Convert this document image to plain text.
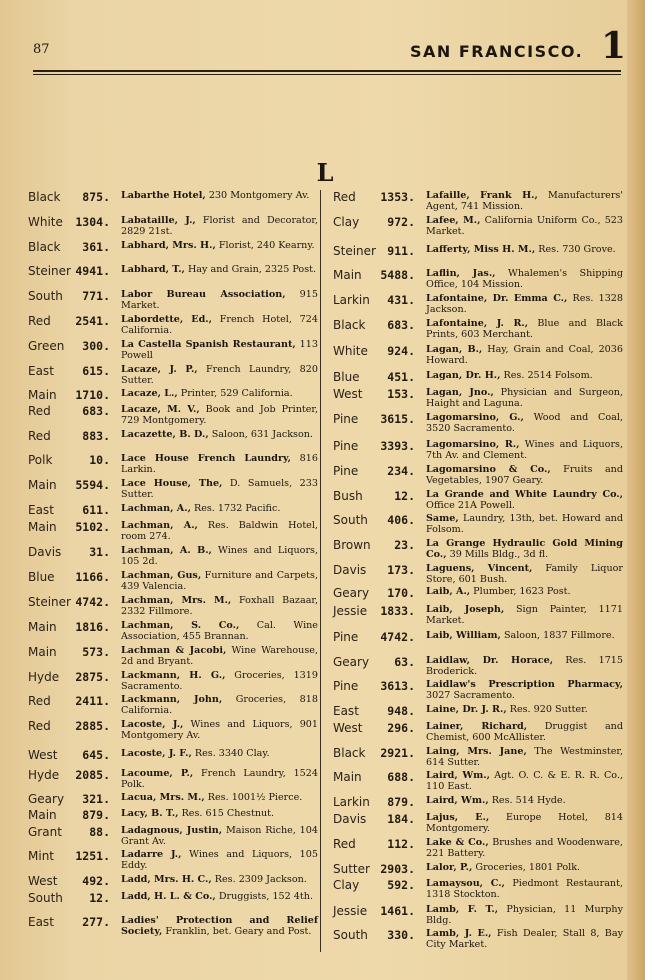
87	SAN FRANCISCO. 1
L
Black	875. Labarthe Hotel, 230 Montgomery Av.
White	1304. Labataille, J., Florist and Decorator, 2829 21st.
Black	361. Labhard, Mrs. H., Florist, 240 Kearny.
Steiner 4941. Labhard, T., Hay and Grain, 2325 Post.
South	771. Labor Bureau Association, 915 Market.
Red	2541. Labordette, Ed., French Hotel, 724 California.
Green	300. La Castella Spanish Restaurant, 113 Powell
East	615. Lacaze, J. P., French Laundry, 820 Sutter.
Main	1710. Lacaze, L., Printer, 529 California.
Red	683. Lacaze, M. V., Book and Job Printer, 729 Montgomery.
Red	883. Lacazette, B. D., Saloon, 631 Jackson.
Polk	10. Lace House French Laundry, 816 Larkin.
Main	5594. Lace House, The, D. Samuels, 233 Sutter.
East	611. Lachman, A., Res. 1732 Pacific.
Main	5102. Lachman, A., Res. Baldwin Hotel, room 274.
Davis	31. Lachman, A. B., Wines and Liquors, 105 2d.
Blue	1166. Lachman, Gus, Furniture and Carpets, 439 Valencia.
Steiner 4742. Lachman, Mrs. M., Foxhall Bazaar, 2332 Fillmore.
Main	1816. Lachman, S. Co., Cal. Wine Association, 455 Brannan.
Main	573. Lachman & Jacobi, Wine Warehouse, 2d and Bryant.
Hyde	2875. Lackmann, H. G., Groceries, 1319 Sacramento.
Red	2411. Lackmann, John, Groceries, 818 California.
Red	2885. Lacoste, J., Wines and Liquors, 901 Montgomery Av.
West	645. Lacoste, J. F., Res. 3340 Clay.
Hyde	2085. Lacoume, P., French Laundry, 1524 Polk.
Geary	321. Lacua, Mrs. M., Res. 1001½ Pierce.
Main	879. Lacy, B. T., Res. 615 Chestnut.
Grant	88. Ladagnous, Justin, Maison Riche, 104 Grant Av.
Mint	1251. Ladarre J., Wines and Liquors, 105 Eddy.
West	492. Ladd, Mrs. H. C., Res. 2309 Jackson.
South	12. Ladd, H. L. & Co., Druggists, 152 4th.
East	277. Ladies' Protection and Relief Society, Franklin, bet. Geary and Post.
Red	1353. Lafaille, Frank H., Manufacturers' Agent, 741 Mission.
Clay	972. Lafee, M., California Uniform Co., 523 Market.
Steiner 911. Lafferty, Miss H. M., Res. 730 Grove.
Main	5488. Laflin, Jas., Whalemen's Shipping Office, 104 Mission.
Larkin	431. Lafontaine, Dr. Emma C., Res. 1328 Jackson.
Black	683. Lafontaine, J. R., Blue and Black Prints, 603 Merchant.
White	924. Lagan, B., Hay, Grain and Coal, 2036 Howard.
Blue	451. Lagan, Dr. H., Res. 2514 Folsom.
West	153. Lagan, Jno., Physician and Surgeon, Haight and Laguna.
Pine	3615. Lagomarsino, G., Wood and Coal, 3520 Sacramento.
Pine	3393. Lagomarsino, R., Wines and Liquors, 7th Av. and Clement.
Pine	234. Lagomarsino & Co., Fruits and Vegetables, 1907 Geary.
Bush	12. La Grande and White Laundry Co., Office 21A Powell.
South	406. Same, Laundry, 13th, bet. Howard and Folsom.
Brown	23. La Grange Hydraulic Gold Mining Co., 39 Mills Bldg., 3d fl.
Davis	173. Laguens, Vincent, Family Liquor Store, 601 Bush.
Geary	170. Laib, A., Plumber, 1623 Post.
Jessie	1833. Laib, Joseph, Sign Painter, 1171 Market.
Pine	4742. Laib, William, Saloon, 1837 Fillmore.
Geary	63. Laidlaw, Dr. Horace, Res. 1715 Broderick.
Pine	3613. Laidlaw's Prescription Pharmacy, 3027 Sacramento.
East	948. Laine, Dr. J. R., Res. 920 Sutter.
West	296. Lainer, Richard, Druggist and Chemist, 600 McAllister.
Black	2921. Laing, Mrs. Jane, The Westminster, 614 Sutter.
Main	688. Laird, Wm., Agt. O. C. & E. R. R. Co., 110 East.
Larkin	879. Laird, Wm., Res. 514 Hyde.
Davis	184. Lajus, E., Europe Hotel, 814 Montgomery.
Red	112. Lake & Co., Brushes and Woodenware, 221 Battery.
Sutter 2903. Lalor, P., Groceries, 1801 Polk.
Clay	592. Lamaysou, C., Piedmont Restaurant, 1318 Stockton.
Jessie	1461. Lamb, F. T., Physician, 11 Murphy Bldg.
South	330. Lamb, J. E., Fish Dealer, Stall 8, Bay City Market.
